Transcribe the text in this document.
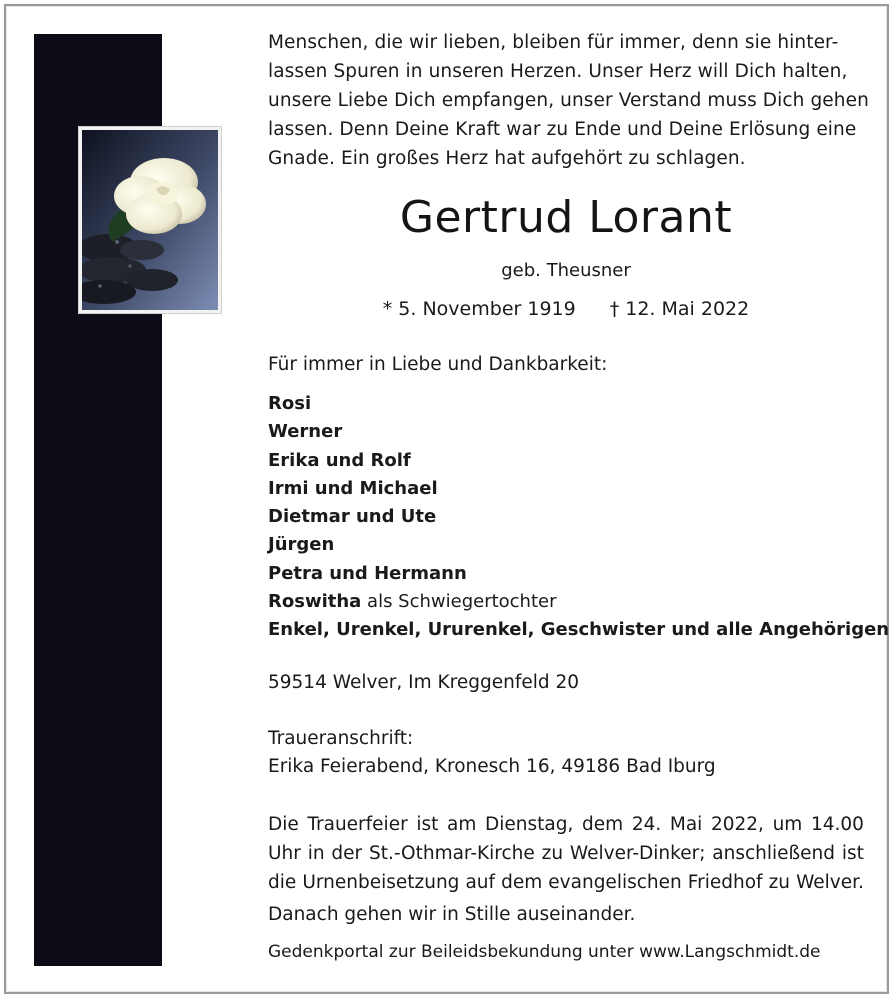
Menschen, die wir lieben, bleiben für immer, denn sie hinter-
lassen Spuren in unseren Herzen. Unser Herz will Dich halten,
unsere Liebe Dich empfangen, unser Verstand muss Dich gehen
lassen. Denn Deine Kraft war zu Ende und Deine Erlösung eine
Gnade. Ein großes Herz hat aufgehört zu schlagen.
Gertrud Lorant
geb. Theusner
* 5. November 1919 † 12. Mai 2022
Für immer in Liebe und Dankbarkeit:
Rosi
Werner
Erika und Rolf
Irmi und Michael
Dietmar und Ute
Jürgen
Petra und Hermann
Roswitha als Schwiegertochter
Enkel, Urenkel, Ururenkel, Geschwister und alle Angehörigen
59514 Welver, Im Kreggenfeld 20
Traueranschrift:
Erika Feierabend, Kronesch 16, 49186 Bad Iburg
Die Trauerfeier ist am Dienstag, dem 24. Mai 2022, um 14.00
Uhr in der St.-Othmar-Kirche zu Welver-Dinker; anschließend ist
die Urnenbeisetzung auf dem evangelischen Friedhof zu Welver.
Danach gehen wir in Stille auseinander.
Gedenkportal zur Beileidsbekundung unter www.Langschmidt.de
